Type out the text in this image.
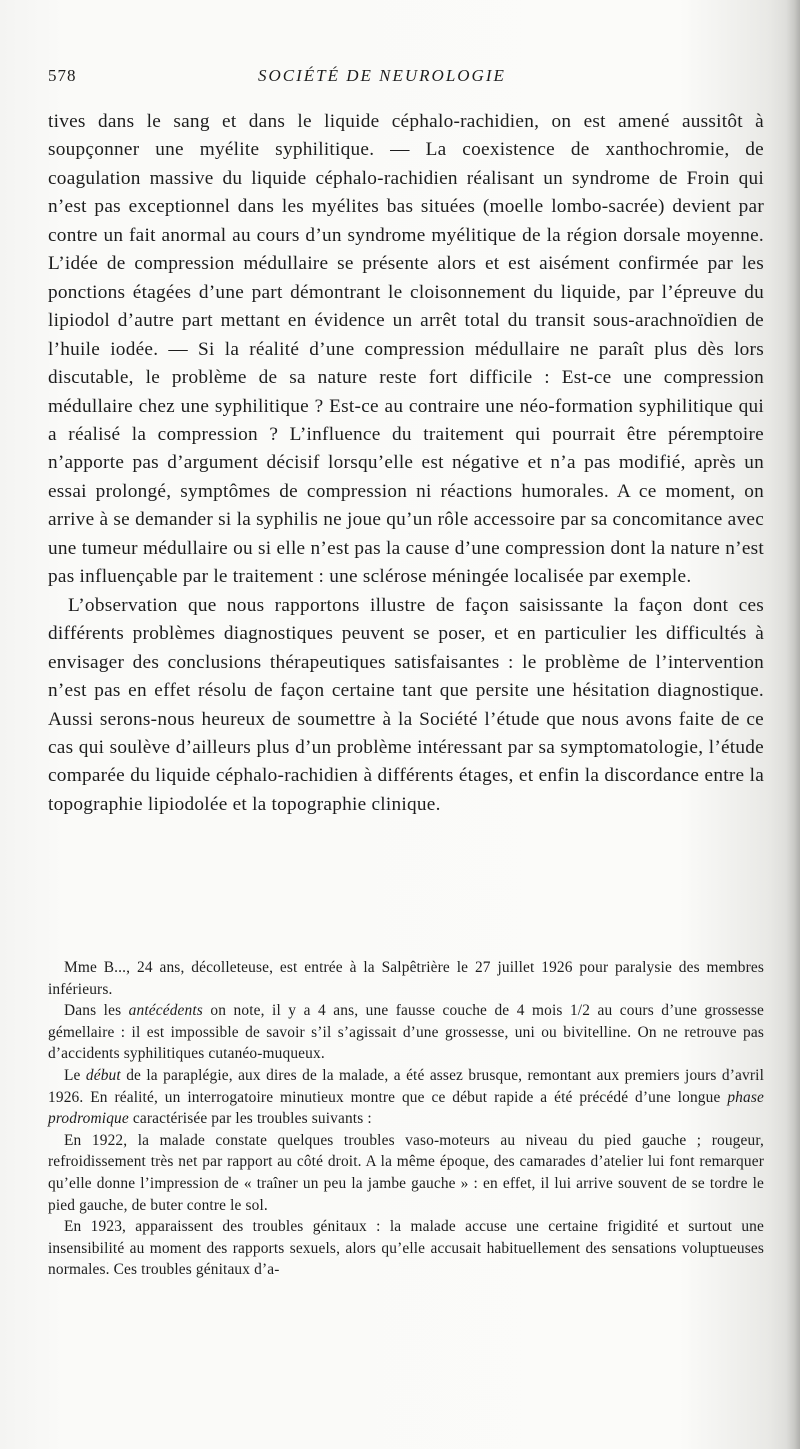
578	SOCIÉTÉ DE NEUROLOGIE

tives dans le sang et dans le liquide céphalo-rachidien, on est amené aussitôt à soupçonner une myélite syphilitique. — La coexistence de xanthochromie, de coagulation massive du liquide céphalo-rachidien réalisant un syndrome de Froin qui n’est pas exceptionnel dans les myélites bas situées (moelle lombo-sacrée) devient par contre un fait anormal au cours d’un syndrome myélitique de la région dorsale moyenne. L’idée de compression médullaire se présente alors et est aisément confirmée par les ponctions étagées d’une part démontrant le cloisonnement du liquide, par l’épreuve du lipiodol d’autre part mettant en évidence un arrêt total du transit sous-arachnoïdien de l’huile iodée. — Si la réalité d’une compression médullaire ne paraît plus dès lors discutable, le problème de sa nature reste fort difficile : Est-ce une compression médullaire chez une syphilitique ? Est-ce au contraire une néo-formation syphilitique qui a réalisé la compression ? L’influence du traitement qui pourrait être péremptoire n’apporte pas d’argument décisif lorsqu’elle est négative et n’a pas modifié, après un essai prolongé, symptômes de compression ni réactions humorales. A ce moment, on arrive à se demander si la syphilis ne joue qu’un rôle accessoire par sa concomitance avec une tumeur médullaire ou si elle n’est pas la cause d’une compression dont la nature n’est pas influençable par le traitement : une sclérose méningée localisée par exemple.

L’observation que nous rapportons illustre de façon saisissante la façon dont ces différents problèmes diagnostiques peuvent se poser, et en particulier les difficultés à envisager des conclusions thérapeutiques satisfaisantes : le problème de l’intervention n’est pas en effet résolu de façon certaine tant que persite une hésitation diagnostique. Aussi serons-nous heureux de soumettre à la Société l’étude que nous avons faite de ce cas qui soulève d’ailleurs plus d’un problème intéressant par sa symptomatologie, l’étude comparée du liquide céphalo-rachidien à différents étages, et enfin la discordance entre la topographie lipiodolée et la topographie clinique.

Mme B..., 24 ans, décolleteuse, est entrée à la Salpêtrière le 27 juillet 1926 pour paralysie des membres inférieurs.

Dans les antécédents on note, il y a 4 ans, une fausse couche de 4 mois 1/2 au cours d’une grossesse gémellaire : il est impossible de savoir s’il s’agissait d’une grossesse, uni ou bivitelline. On ne retrouve pas d’accidents syphilitiques cutanéo-muqueux.

Le début de la paraplégie, aux dires de la malade, a été assez brusque, remontant aux premiers jours d’avril 1926. En réalité, un interrogatoire minutieux montre que ce début rapide a été précédé d’une longue phase prodromique caractérisée par les troubles suivants :

En 1922, la malade constate quelques troubles vaso-moteurs au niveau du pied gauche ; rougeur, refroidissement très net par rapport au côté droit. A la même époque, des camarades d’atelier lui font remarquer qu’elle donne l’impression de « traîner un peu la jambe gauche » : en effet, il lui arrive souvent de se tordre le pied gauche, de buter contre le sol.

En 1923, apparaissent des troubles génitaux : la malade accuse une certaine frigidité et surtout une insensibilité au moment des rapports sexuels, alors qu’elle accusait habituellement des sensations voluptueuses normales. Ces troubles génitaux d’a-
